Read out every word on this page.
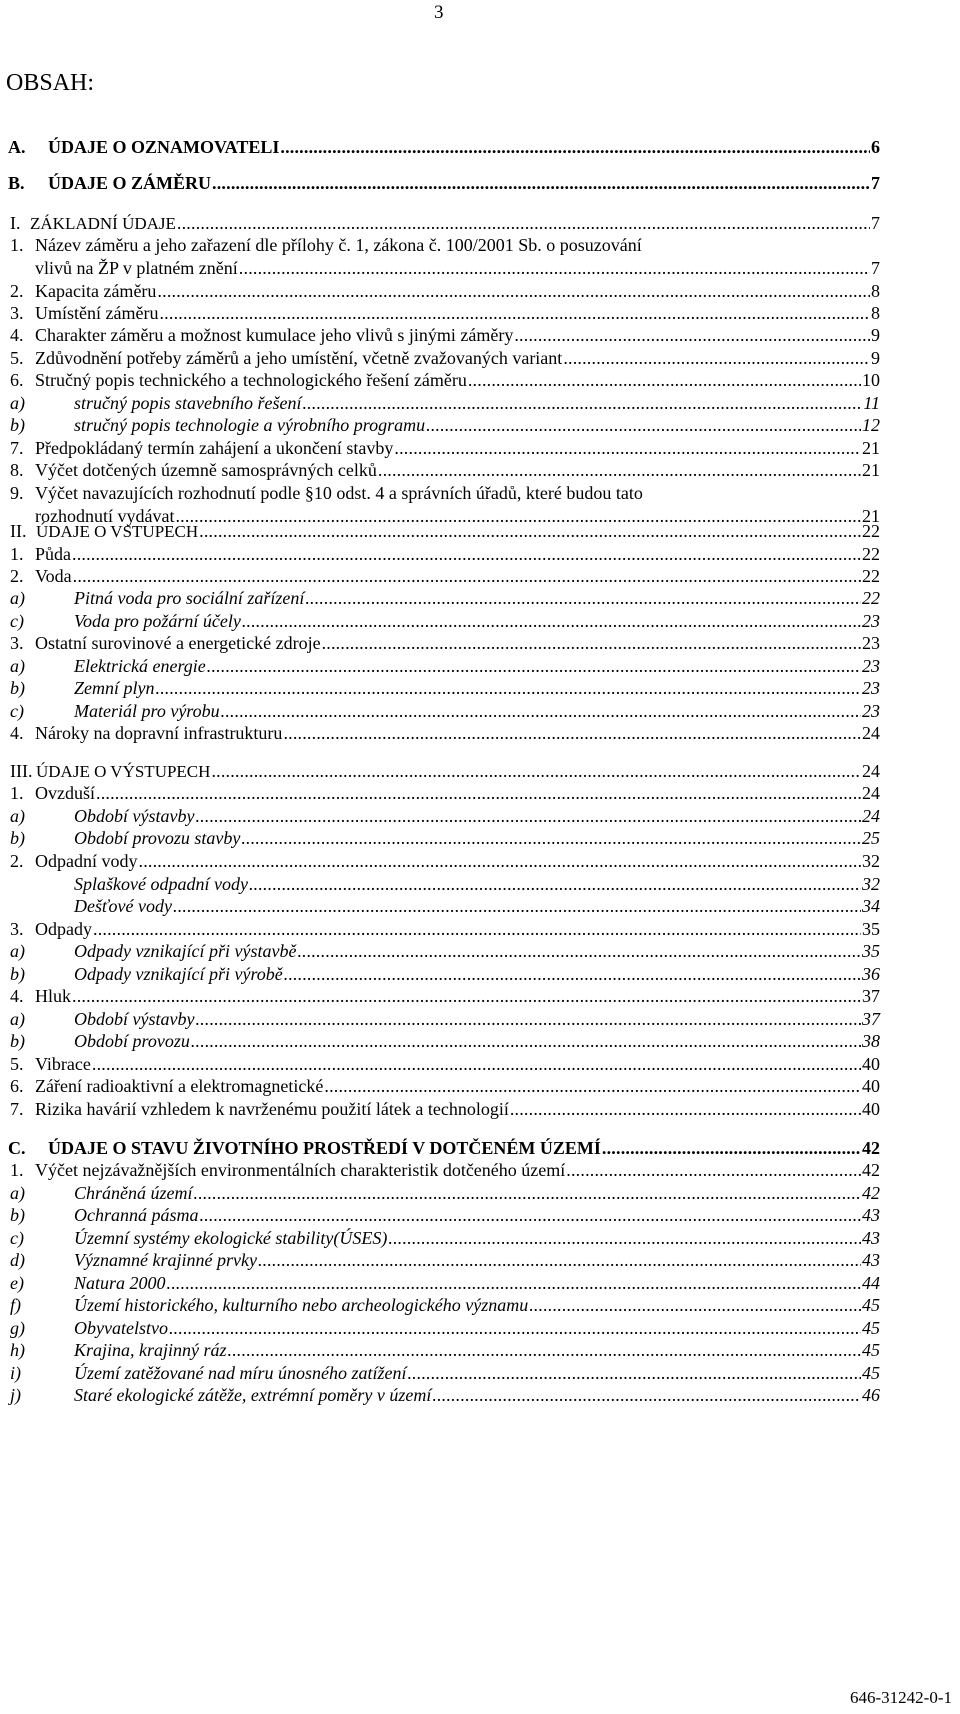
3
OBSAH:
A.	ÚDAJE O OZNAMOVATELI .....	6
B.	ÚDAJE O ZÁMĚRU .....	7
I. ZÁKLADNÍ ÚDAJE .....	7
1. Název záměru a jeho zařazení dle přílohy č. 1, zákona č. 100/2001 Sb. o posuzování
vlivů na ŽP v platném znění .....	7
2. Kapacita záměru .....	8
3. Umístění záměru .....	8
4. Charakter záměru a možnost kumulace jeho vlivů s jinými záměry .....	9
5. Zdůvodnění potřeby záměrů a jeho umístění, včetně zvažovaných variant .....	9
6. Stručný popis technického a technologického řešení záměru .....	10
a)	stručný popis stavebního řešení .....	11
b)	stručný popis technologie a výrobního programu .....	12
7. Předpokládaný termín zahájení a ukončení stavby .....	21
8. Výčet dotčených územně samosprávných celků .....	21
9. Výčet navazujících rozhodnutí podle §10 odst. 4 a správních úřadů, které budou tato
rozhodnutí vydávat .....	21
II. ÚDAJE O VSTUPECH .....	22
1. Půda .....	22
2. Voda .....	22
a)	Pitná voda pro sociální zařízení .....	22
c)	Voda pro požární účely .....	23
3. Ostatní surovinové a energetické zdroje .....	23
a)	Elektrická energie .....	23
b)	Zemní plyn .....	23
c)	Materiál pro výrobu .....	23
4. Nároky na dopravní infrastrukturu .....	24
III. ÚDAJE O VÝSTUPECH .....	24
1. Ovzduší .....	24
a)	Období výstavby .....	24
b)	Období provozu stavby .....	25
2. Odpadní vody .....	32
Splaškové odpadní vody .....	32
Dešťové vody .....	34
3. Odpady .....	35
a)	Odpady vznikající při výstavbě .....	35
b)	Odpady vznikající při výrobě .....	36
4. Hluk .....	37
a)	Období výstavby .....	37
b)	Období provozu .....	38
5. Vibrace .....	40
6. Záření radioaktivní a elektromagnetické .....	40
7. Rizika havárií vzhledem k navrženému použití látek a technologií .....	40
C.	ÚDAJE O STAVU ŽIVOTNÍHO PROSTŘEDÍ V DOTČENÉM ÚZEMÍ .....	42
1. Výčet nejzávažnějších environmentálních charakteristik dotčeného území .....	42
a)	Chráněná území .....	42
b)	Ochranná pásma .....	43
c)	Územní systémy ekologické stability(ÚSES) .....	43
d)	Významné krajinné prvky .....	43
e)	Natura 2000 .....	44
f)	Území historického, kulturního nebo archeologického významu .....	45
g)	Obyvatelstvo .....	45
h)	Krajina, krajinný ráz .....	45
i)	Území zatěžované nad míru únosného zatížení .....	45
j)	Staré ekologické zátěže, extrémní poměry v území .....	46
646-31242-0-1
